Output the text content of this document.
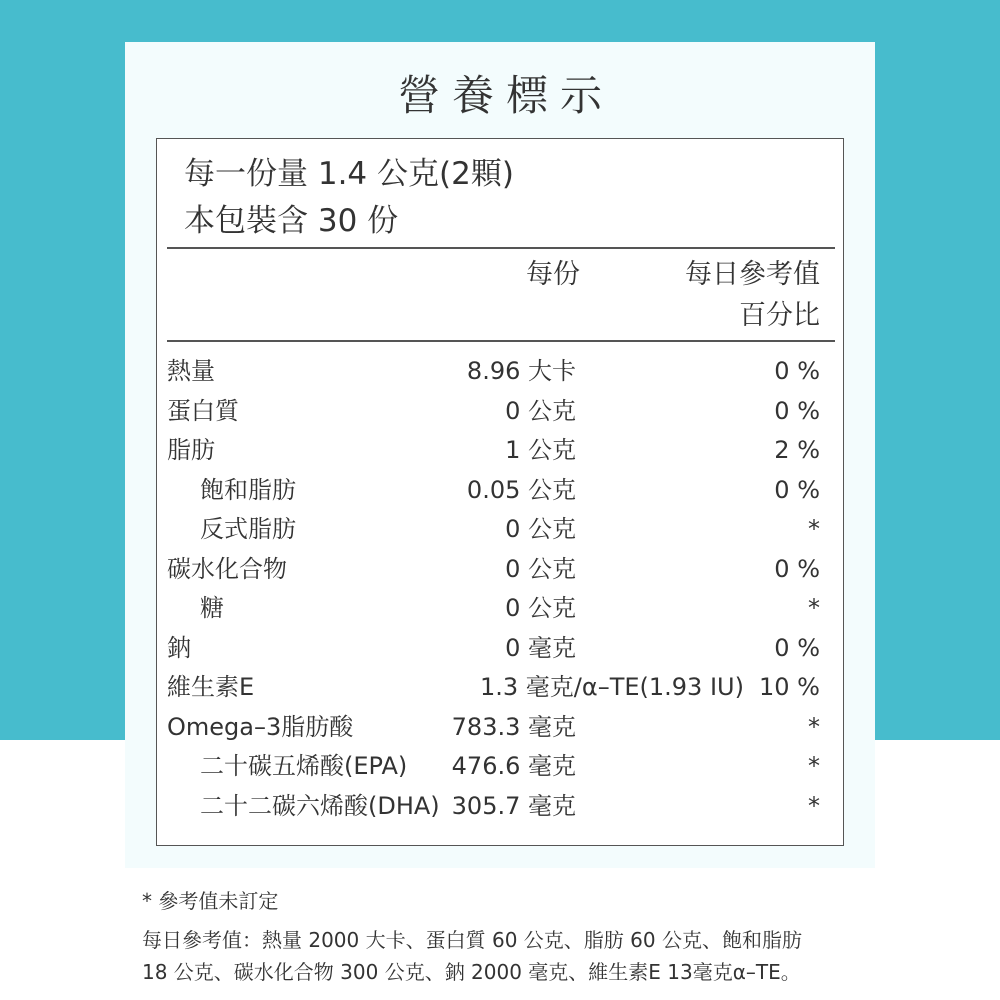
營養標示
每一份量 1.4 公克(2顆)
本包裝含 30 份
每份	每日參考值
百分比
熱量	8.96 大卡	0 %
蛋白質	0 公克	0 %
脂肪	1 公克	2 %
飽和脂肪	0.05 公克	0 %
反式脂肪	0 公克	*
碳水化合物	0 公克	0 %
糖	0 公克	*
鈉	0 毫克	0 %
維生素E	1.3 毫克/α–TE(1.93 IU) 10 %
Omega–3脂肪酸	783.3 毫克	*
二十碳五烯酸(EPA) 476.6 毫克	*
二十二碳六烯酸(DHA) 305.7 毫克	*
* 參考值未訂定
每日參考值：熱量 2000 大卡、蛋白質 60 公克、脂肪 60 公克、飽和脂肪
18 公克、碳水化合物 300 公克、鈉 2000 毫克、維生素E 13毫克α–TE。
